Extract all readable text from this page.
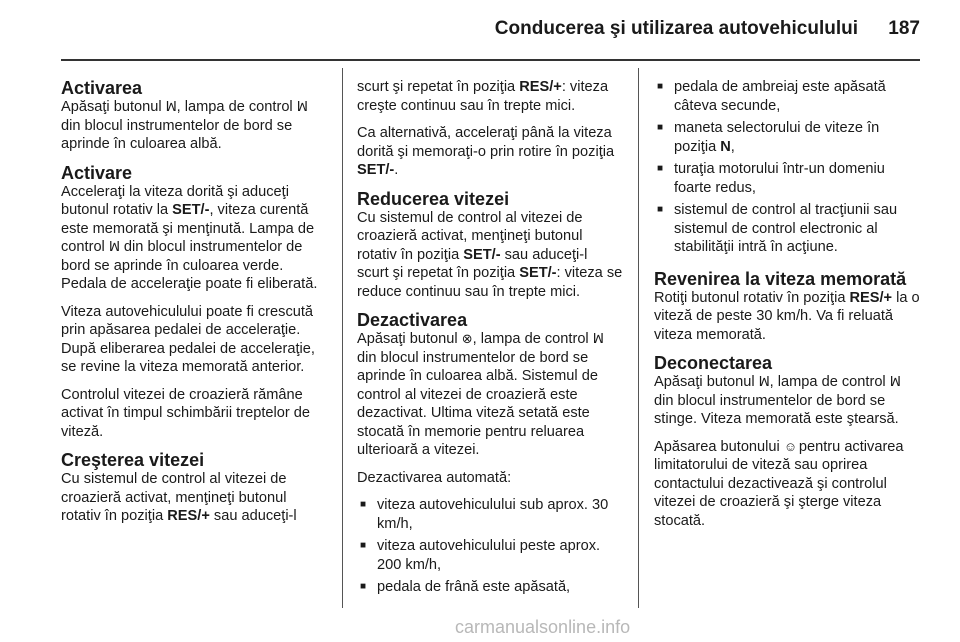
Conducerea şi utilizarea autovehiculului 187
Activarea

Apăsaţi butonul ꟽ, lampa de control ꟽ din blocul instrumentelor de bord se aprinde în culoarea albă.

Activare

Acceleraţi la viteza dorită şi aduceţi butonul rotativ la SET/-, viteza curentă este memorată şi menţinută. Lampa de control ꟽ din blocul instrumentelor de bord se aprinde în culoarea verde. Pedala de acceleraţie poate fi eliberată.

Viteza autovehiculului poate fi crescută prin apăsarea pedalei de acceleraţie. După eliberarea pedalei de acceleraţie, se revine la viteza memorată anterior.

Controlul vitezei de croazieră rămâne activat în timpul schimbării treptelor de viteză.

Creşterea vitezei

Cu sistemul de control al vitezei de croazieră activat, menţineţi butonul rotativ în poziţia RES/+ sau aduceţi-l

scurt şi repetat în poziţia RES/+: viteza creşte continuu sau în trepte mici.

Ca alternativă, acceleraţi până la viteza dorită şi memoraţi-o prin rotire în poziţia SET/-.

Reducerea vitezei

Cu sistemul de control al vitezei de croazieră activat, menţineţi butonul rotativ în poziţia SET/- sau aduceţi-l scurt şi repetat în poziţia SET/-: viteza se reduce continuu sau în trepte mici.

Dezactivarea

Apăsaţi butonul ⊗, lampa de control ꟽ din blocul instrumentelor de bord se aprinde în culoarea albă. Sistemul de control al vitezei de croazieră este dezactivat. Ultima viteză setată este stocată în memorie pentru reluarea ulterioară a vitezei.

Dezactivarea automată:

■ viteza autovehiculului sub aprox. 30 km/h,
■ viteza autovehiculului peste aprox. 200 km/h,
■ pedala de frână este apăsată,
■ pedala de ambreiaj este apăsată câteva secunde,
■ maneta selectorului de viteze în poziţia N,
■ turaţia motorului într-un domeniu foarte redus,
■ sistemul de control al tracţiunii sau sistemul de control electronic al stabilităţii intră în acţiune.
Revenirea la viteza memorată

Rotiţi butonul rotativ în poziţia RES/+ la o viteză de peste 30 km/h. Va fi reluată viteza memorată.

Deconectarea

Apăsaţi butonul ꟽ, lampa de control ꟽ din blocul instrumentelor de bord se stinge. Viteza memorată este ştearsă.

Apăsarea butonului ☺ pentru activarea limitatorului de viteză sau oprirea contactului dezactivează şi controlul vitezei de croazieră şi şterge viteza stocată.

carmanualsonline.info
